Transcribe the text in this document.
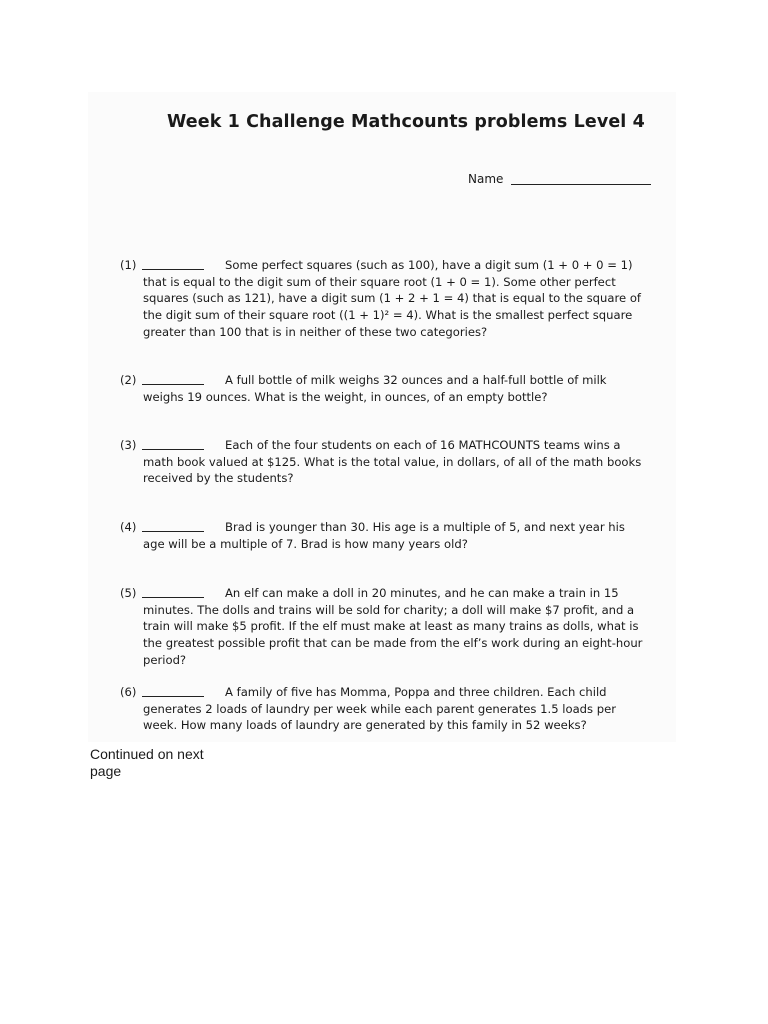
Week 1 Challenge Mathcounts problems Level 4
Name
(1)	Some perfect squares (such as 100), have a digit sum (1 + 0 + 0 = 1) that is equal to the digit sum of their square root (1 + 0 = 1). Some other perfect squares (such as 121), have a digit sum (1 + 2 + 1 = 4) that is equal to the square of the digit sum of their square root ((1 + 1)² = 4). What is the smallest perfect square greater than 100 that is in neither of these two categories?
(2)	A full bottle of milk weighs 32 ounces and a half-full bottle of milk weighs 19 ounces. What is the weight, in ounces, of an empty bottle?
(3)	Each of the four students on each of 16 MATHCOUNTS teams wins a math book valued at $125. What is the total value, in dollars, of all of the math books received by the students?
(4)	Brad is younger than 30. His age is a multiple of 5, and next year his age will be a multiple of 7. Brad is how many years old?
(5)	An elf can make a doll in 20 minutes, and he can make a train in 15 minutes. The dolls and trains will be sold for charity; a doll will make $7 profit, and a train will make $5 profit. If the elf must make at least as many trains as dolls, what is the greatest possible profit that can be made from the elf’s work during an eight-hour period?
(6)	A family of five has Momma, Poppa and three children. Each child generates 2 loads of laundry per week while each parent generates 1.5 loads per week. How many loads of laundry are generated by this family in 52 weeks?
Continued on next page
